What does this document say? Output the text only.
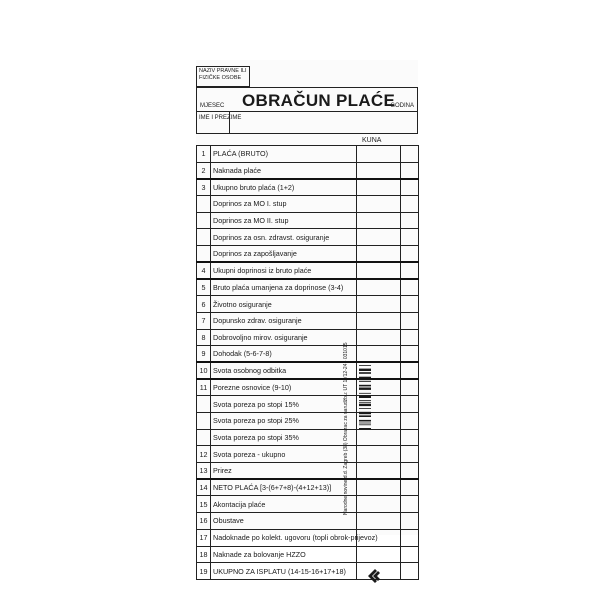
NAZIV PRAVNE ILI FIZIČKE OSOBE
MJESEC OBRAČUN PLAĆE
GODINA
IME I PREZIME
KUNA
1	PLAĆA (BRUTO)		
2	Naknada plaće		
3	Ukupno bruto plaća (1+2)		
	Doprinos za MO I. stup		
	Doprinos za MO II. stup		
	Doprinos za osn. zdravst. osiguranje		
	Doprinos za zapošljavanje		
4	Ukupni doprinosi iz bruto plaće		
5	Bruto plaća umanjena za doprinose (3-4)		
6	Životno osiguranje		
7	Dopunsko zdrav. osiguranje		
8	Dobrovoljno mirov. osiguranje		
9	Dohodak (5-6-7-8)		
10	Svota osobnog odbitka		
11	Porezne osnovice (9-10)		
	Svota poreza po stopi 15%		
	Svota poreza po stopi 25%		
	Svota poreza po stopi 35%		
12	Svota poreza - ukupno		
13	Prirez		
14	NETO PLAĆA [3-(6+7+8)-(4+12+13)]		
15	Akontacija plaće		
16	Obustave		
17	Nadoknade po kolekt. ugovoru (topli obrok-prijevoz)		
18	Naknade za bolovanje HZZO		
19	UKUPNO ZA ISPLATU (14-15-16+17+18)		
Narodne novine d.d. Zagreb (38) Obrazac za narudžbu: UT 1V12-24 - 031015
